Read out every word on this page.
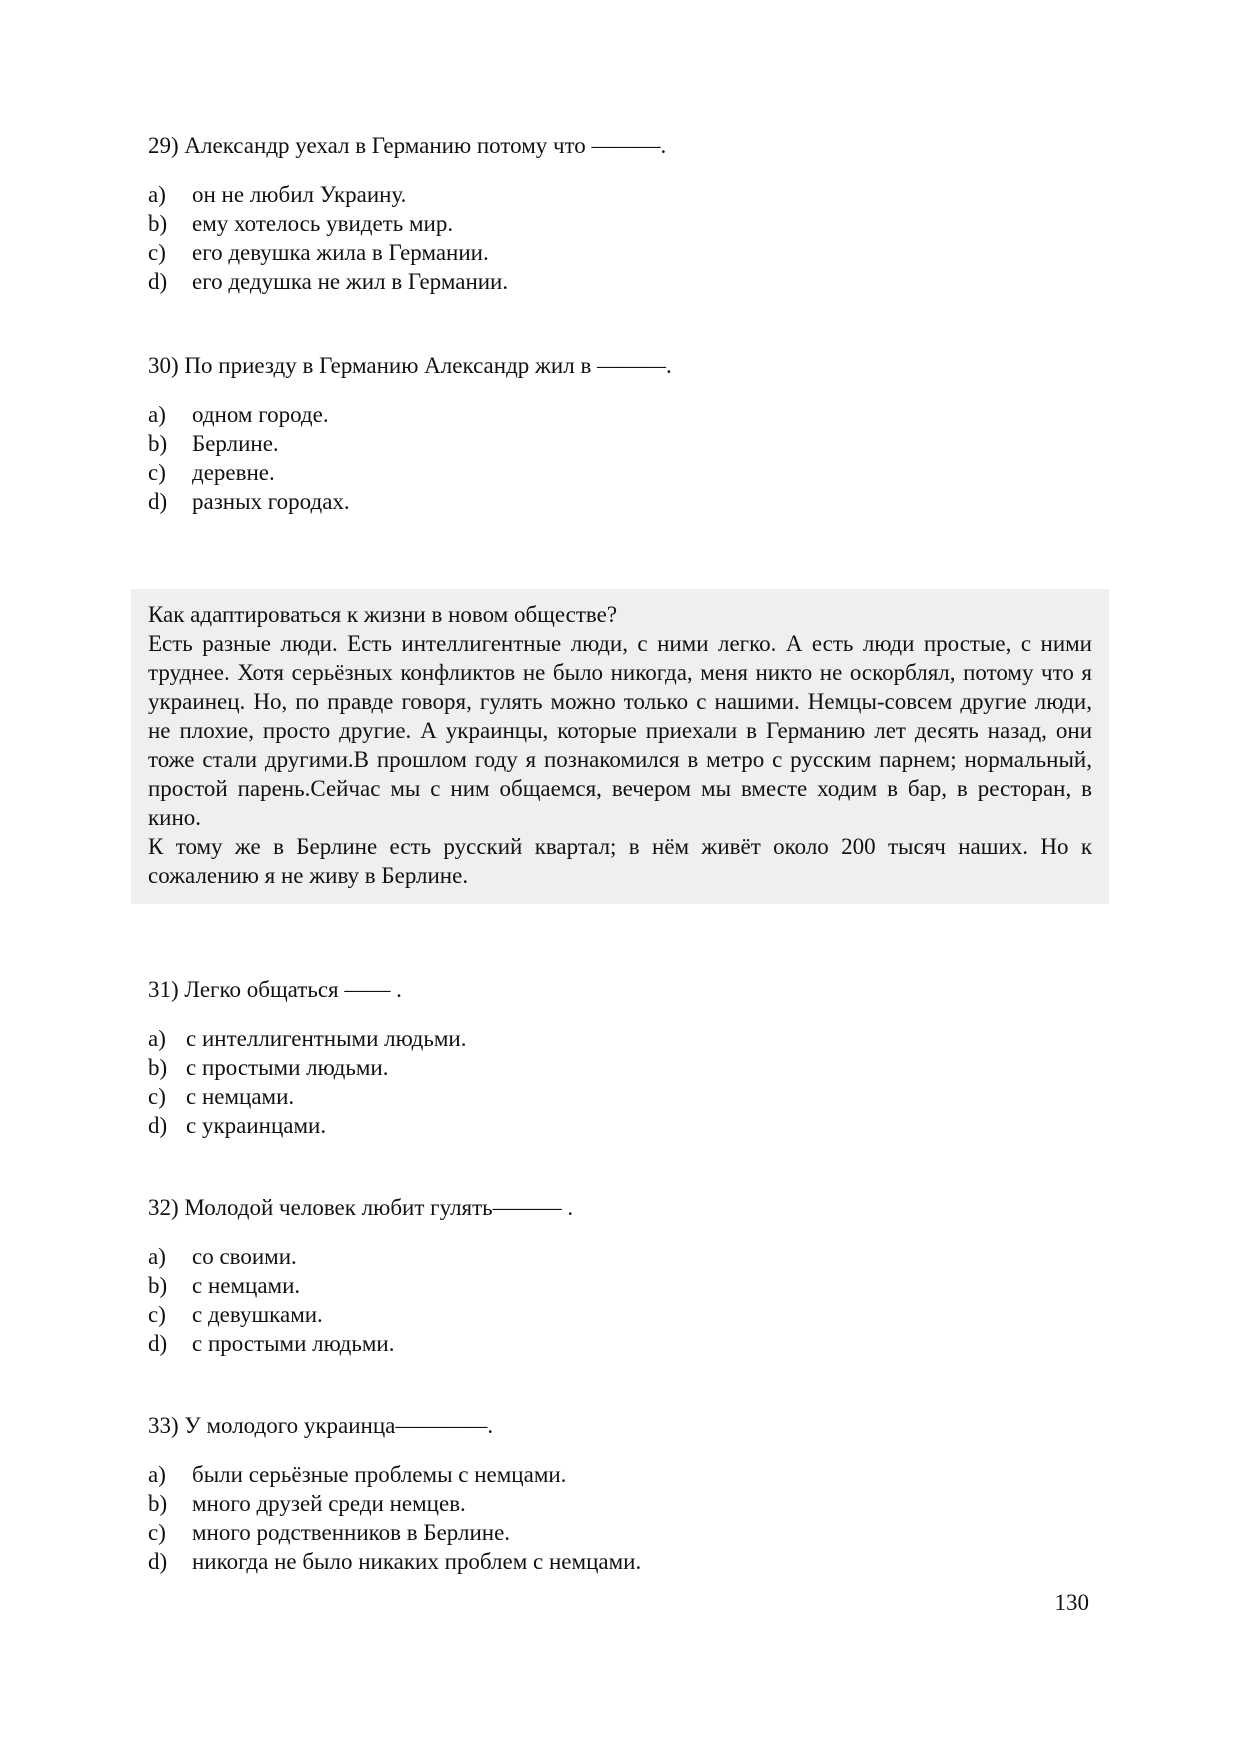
29) Александр уехал в Германию потому что ———.
a)	он не любил Украину.
b)	ему хотелось увидеть мир.
c)	его девушка жила в Германии.
d)	его дедушка не жил в Германии.
30) По приезду в Германию Александр жил в ———.
a)	одном городе.
b)	Берлине.
c)	деревне.
d)	разных городах.

Как адаптироваться к жизни в новом обществе?

Есть разные люди. Есть интеллигентные люди, с ними легко. А есть люди простые, с ними труднее. Хотя серьёзных конфликтов не было никогда, меня никто не оскорблял, потому что я украинец. Но, по правде говоря, гулять можно только с нашими. Немцы-совсем другие люди, не плохие, просто другие. А украинцы, которые приехали в Германию лет десять назад, они тоже стали другими.В прошлом году я познакомился в метро с русским парнем; нормальный, простой парень.Сейчас мы с ним общаемся, вечером мы вместе ходим в бар, в ресторан, в кино.

К тому же в Берлине есть русский квартал; в нём живёт около 200 тысяч наших. Но к сожалению я не живу в Берлине.

31) Легко общаться —— .
a) с интеллигентными людьми.
b) с простыми людьми.
c) с немцами.
d) с украинцами.
32) Молодой человек любит гулять——— .
a)	со своими.
b)	с немцами.
c)	с девушками.
d)	с простыми людьми.
33) У молодого украинца————.
a)	были серьёзные проблемы с немцами.
b)	много друзей среди немцев.
c)	много родственников в Берлине.
d)	никогда не было никаких проблем с немцами.
130
